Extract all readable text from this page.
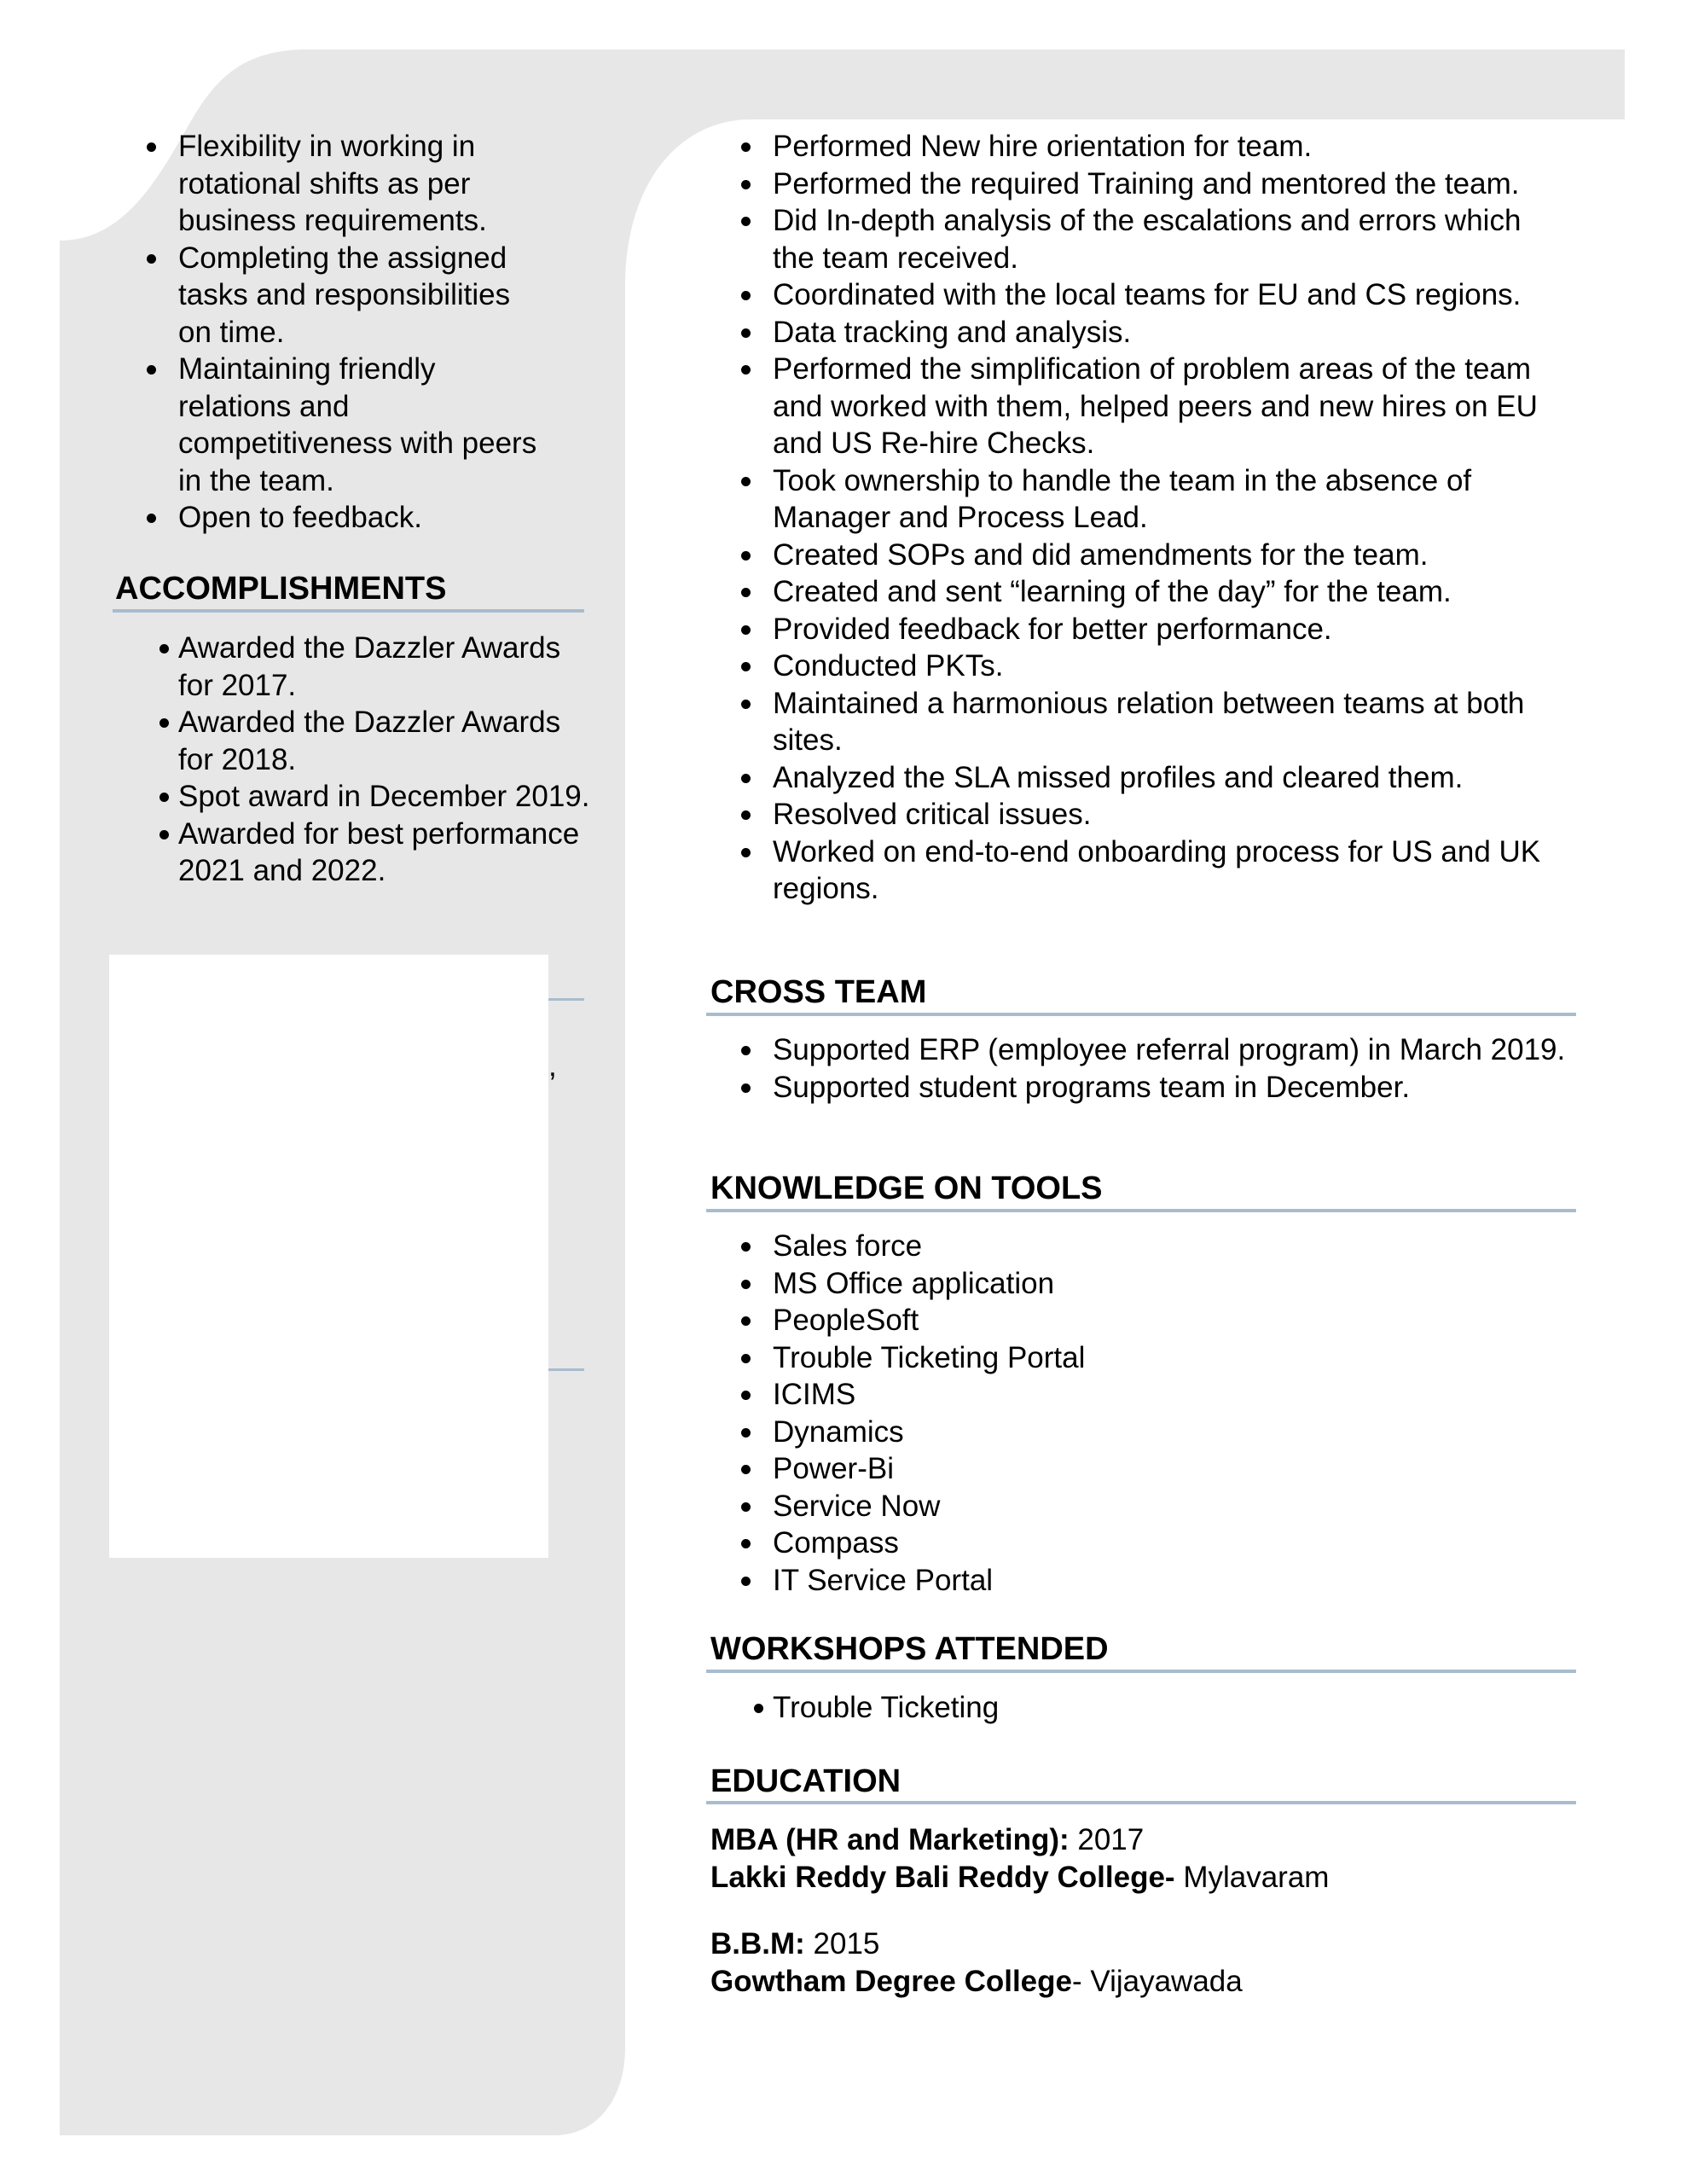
Flexibility in working in
rotational shifts as per
business requirements.
Completing the assigned
tasks and responsibilities
on time.
Maintaining friendly
relations and
competitiveness with peers
in the team.
Open to feedback.
ACCOMPLISHMENTS
Awarded the Dazzler Awards
for 2017.
Awarded the Dazzler Awards
for 2018.
Spot award in December 2019.
Awarded for best performance
2021 and 2022.
,
Performed New hire orientation for team.
Performed the required Training and mentored the team.
Did In-depth analysis of the escalations and errors which
the team received.
Coordinated with the local teams for EU and CS regions.
Data tracking and analysis.
Performed the simplification of problem areas of the team
and worked with them, helped peers and new hires on EU
and US Re-hire Checks.
Took ownership to handle the team in the absence of
Manager and Process Lead.
Created SOPs and did amendments for the team.
Created and sent “learning of the day” for the team.
Provided feedback for better performance.
Conducted PKTs.
Maintained a harmonious relation between teams at both
sites.
Analyzed the SLA missed profiles and cleared them.
Resolved critical issues.
Worked on end-to-end onboarding process for US and UK
regions.
CROSS TEAM
Supported ERP (employee referral program) in March 2019.
Supported student programs team in December.
KNOWLEDGE ON TOOLS
Sales force
MS Office application
PeopleSoft
Trouble Ticketing Portal
ICIMS
Dynamics
Power-Bi
Service Now
Compass
IT Service Portal
WORKSHOPS ATTENDED
Trouble Ticketing
EDUCATION
MBA (HR and Marketing): 2017
Lakki Reddy Bali Reddy College- Mylavaram
B.B.M: 2015
Gowtham Degree College- Vijayawada
